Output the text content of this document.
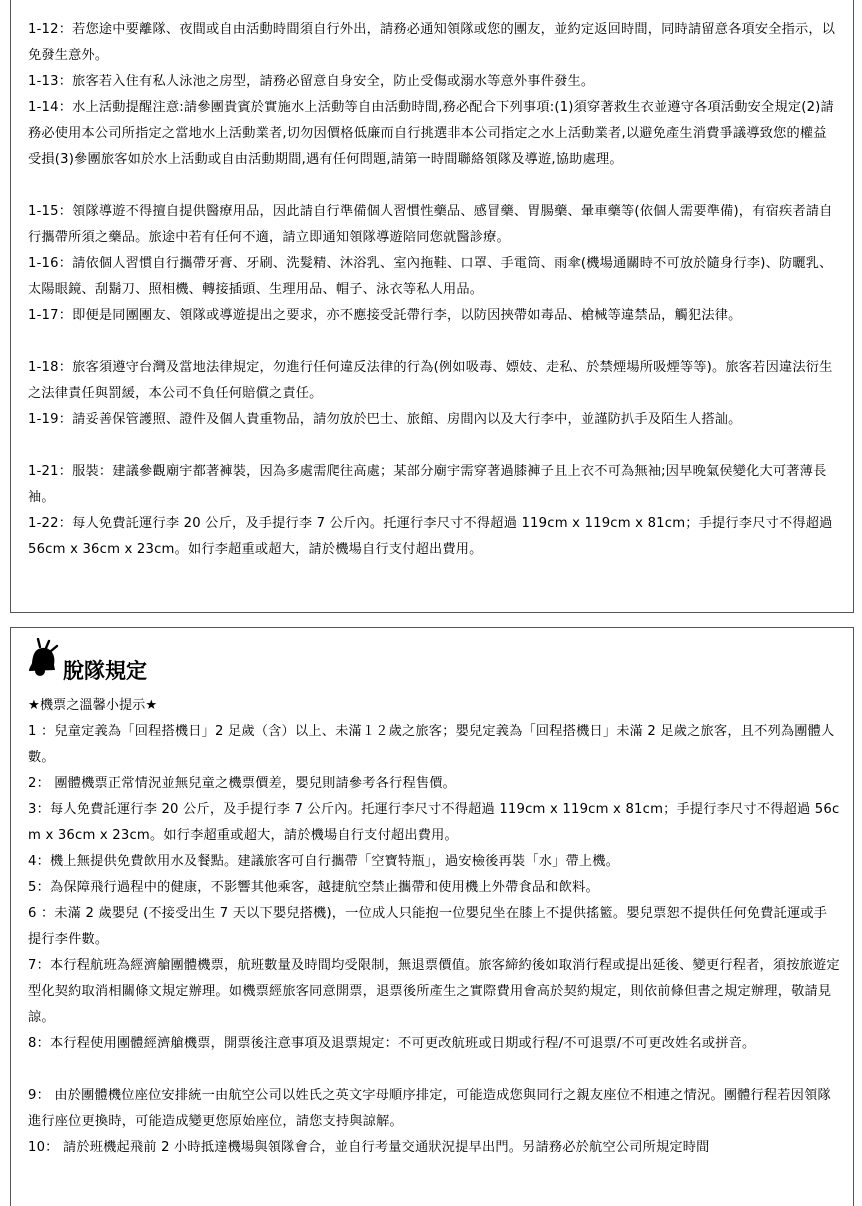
1-12：若您途中要離隊、夜間或自由活動時間須自行外出，請務必通知領隊或您的團友，並約定返回時間，同時請留意各項安全指示，以免發生意外。
1-13：旅客若入住有私人泳池之房型，請務必留意自身安全，防止受傷或溺水等意外事件發生。
1-14：水上活動提醒注意:請參團貴賓於實施水上活動等自由活動時間,務必配合下列事項:(1)須穿著救生衣並遵守各項活動安全規定(2)請務必使用本公司所指定之當地水上活動業者,切勿因價格低廉而自行挑選非本公司指定之水上活動業者,以避免產生消費爭議導致您的權益受損(3)參團旅客如於水上活動或自由活動期間,遇有任何問題,請第一時間聯絡領隊及導遊,協助處理。
1-15：領隊導遊不得擅自提供醫療用品，因此請自行準備個人習慣性藥品、感冒藥、胃腸藥、暈車藥等(依個人需要準備)，有宿疾者請自行攜帶所須之藥品。旅途中若有任何不適，請立即通知領隊導遊陪同您就醫診療。
1-16：請依個人習慣自行攜帶牙膏、牙刷、洗髮精、沐浴乳、室內拖鞋、口罩、手電筒、雨傘(機場通關時不可放於隨身行李)、防曬乳、太陽眼鏡、刮鬍刀、照相機、轉接插頭、生理用品、帽子、泳衣等私人用品。
1-17：即便是同團團友、領隊或導遊提出之要求，亦不應接受託帶行李，以防因挾帶如毒品、槍械等違禁品，觸犯法律。
1-18：旅客須遵守台灣及當地法律規定，勿進行任何違反法律的行為(例如吸毒、嫖妓、走私、於禁煙場所吸煙等等)。旅客若因違法衍生之法律責任與罰緩，本公司不負任何賠償之責任。
1-19：請妥善保管護照、證件及個人貴重物品，請勿放於巴士、旅館、房間內以及大行李中，並謹防扒手及陌生人搭訕。
1-21：服裝：建議參觀廟宇都著褲裝，因為多處需爬往高處；某部分廟宇需穿著過膝褲子且上衣不可為無袖;因早晚氣侯變化大可著薄長袖。
1-22：每人免費託運行李 20 公斤，及手提行李 7 公斤內。托運行李尺寸不得超過 119cm x 119cm x 81cm；手提行李尺寸不得超過 56cm x 36cm x 23cm。如行李超重或超大，請於機場自行支付超出費用。
脫隊規定
★機票之溫馨小提示★
1 ：兒童定義為「回程搭機日」2 足歲（含）以上、未滿１２歲之旅客；嬰兒定義為「回程搭機日」未滿 2 足歲之旅客，且不列為團體人數。
2： 團體機票正常情況並無兒童之機票價差，嬰兒則請參考各行程售價。
3：每人免費託運行李 20 公斤，及手提行李 7 公斤內。托運行李尺寸不得超過 119cm x 119cm x 81cm；手提行李尺寸不得超過 56cm x 36cm x 23cm。如行李超重或超大，請於機場自行支付超出費用。
4：機上無提供免費飲用水及餐點。建議旅客可自行攜帶「空寶特瓶」，過安檢後再裝「水」帶上機。
5：為保障飛行過程中的健康，不影響其他乘客，越捷航空禁止攜帶和使用機上外帶食品和飲料。
6 ：未滿 2 歲嬰兒 (不接受出生 7 天以下嬰兒搭機)，一位成人只能抱一位嬰兒坐在膝上不提供搖籃。嬰兒票恕不提供任何免費託運或手提行李件數。
7：本行程航班為經濟艙團體機票，航班數量及時間均受限制，無退票價值。旅客締約後如取消行程或提出延後、變更行程者，須按旅遊定型化契約取消相關條文規定辦理。如機票經旅客同意開票，退票後所產生之實際費用會高於契約規定，則依前條但書之規定辦理，敬請見諒。
8：本行程使用團體經濟艙機票，開票後注意事項及退票規定：不可更改航班或日期或行程/不可退票/不可更改姓名或拼音。
9： 由於團體機位座位安排統一由航空公司以姓氏之英文字母順序排定，可能造成您與同行之親友座位不相連之情況。團體行程若因領隊進行座位更換時，可能造成變更您原始座位，請您支持與諒解。
10： 請於班機起飛前 2 小時抵達機場與領隊會合，並自行考量交通狀況提早出門。另請務必於航空公司所規定時間
